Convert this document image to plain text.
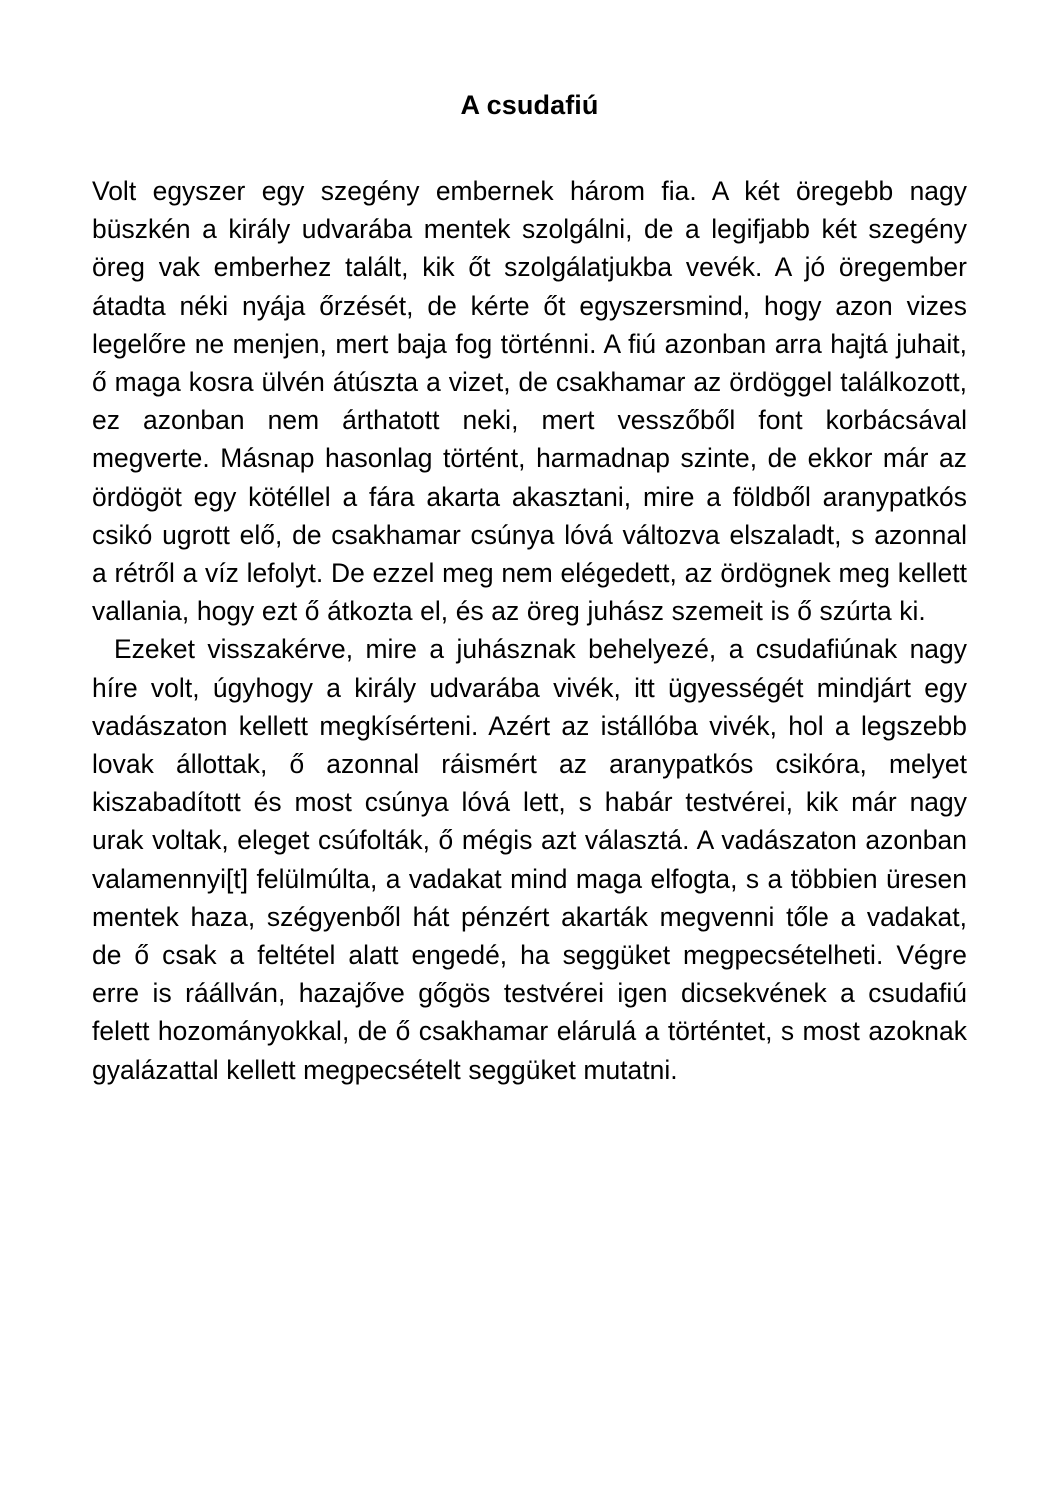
A csudafiú

Volt egyszer egy szegény embernek három fia. A két öregebb nagy büszkén a király udvarába mentek szolgálni, de a legifjabb két szegény öreg vak emberhez talált, kik őt szolgálatjukba vevék. A jó öregember átadta néki nyája őrzését, de kérte őt egyszersmind, hogy azon vizes legelőre ne menjen, mert baja fog történni. A fiú azonban arra hajtá juhait, ő maga kosra ülvén átúszta a vizet, de csakhamar az ördöggel találkozott, ez azonban nem árthatott neki, mert vesszőből font korbácsával megverte. Másnap hasonlag történt, harmadnap szinte, de ekkor már az ördögöt egy kötéllel a fára akarta akasztani, mire a földből aranypatkós csikó ugrott elő, de csakhamar csúnya lóvá változva elszaladt, s azonnal a rétről a víz lefolyt. De ezzel meg nem elégedett, az ördögnek meg kellett vallania, hogy ezt ő átkozta el, és az öreg juhász szemeit is ő szúrta ki.

Ezeket visszakérve, mire a juhásznak behelyezé, a csudafiúnak nagy híre volt, úgyhogy a király udvarába vivék, itt ügyességét mindjárt egy vadászaton kellett megkísérteni. Azért az istállóba vivék, hol a legszebb lovak állottak, ő azonnal ráismért az aranypatkós csikóra, melyet kiszabadított és most csúnya lóvá lett, s habár testvérei, kik már nagy urak voltak, eleget csúfolták, ő mégis azt választá. A vadászaton azonban valamennyi[t] felülmúlta, a vadakat mind maga elfogta, s a többien üresen mentek haza, szégyenből hát pénzért akarták megvenni tőle a vadakat, de ő csak a feltétel alatt engedé, ha seggüket megpecsételheti. Végre erre is ráállván, hazajőve gőgös testvérei igen dicsekvének a csudafiú felett hozományokkal, de ő csakhamar elárulá a történtet, s most azoknak gyalázattal kellett megpecsételt seggüket mutatni.
